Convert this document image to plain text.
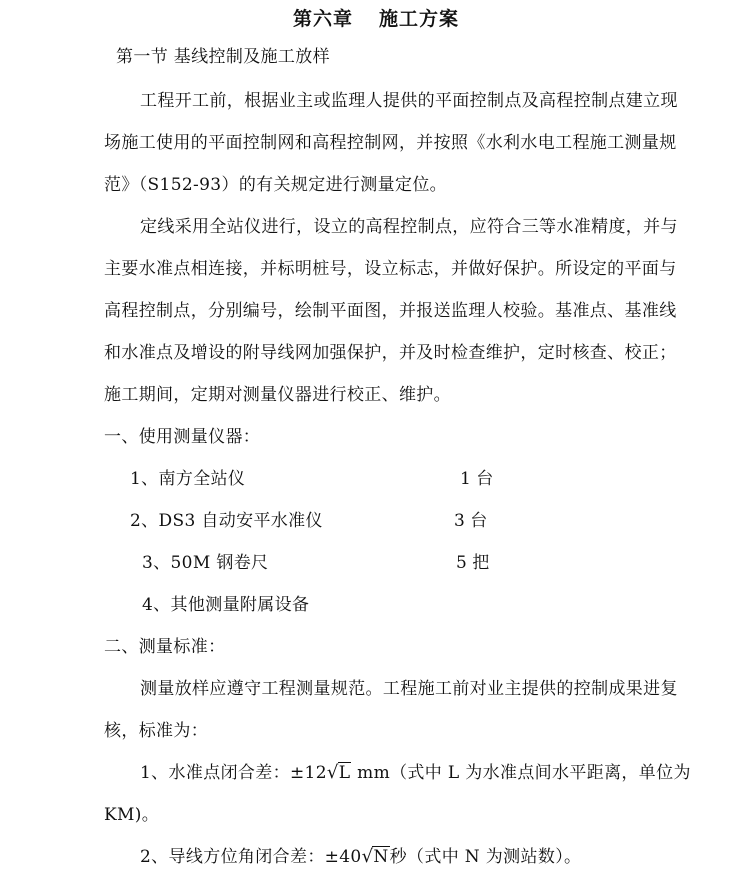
第六章 施工方案
第一节 基线控制及施工放样
工程开工前，根据业主或监理人提供的平面控制点及高程控制点建立现
场施工使用的平面控制网和高程控制网，并按照《水利水电工程施工测量规
范》（S152-93）的有关规定进行测量定位。
定线采用全站仪进行，设立的高程控制点，应符合三等水准精度，并与
主要水准点相连接，并标明桩号，设立标志，并做好保护。所设定的平面与
高程控制点，分别编号，绘制平面图，并报送监理人校验。基准点、基准线
和水准点及增设的附导线网加强保护，并及时检查维护，定时核查、校正；
施工期间，定期对测量仪器进行校正、维护。
一、使用测量仪器：
1、南方全站仪	1 台
2、DS3 自动安平水准仪	3 台
3、50M 钢卷尺	5 把
4、其他测量附属设备
二、测量标准：
测量放样应遵守工程测量规范。工程施工前对业主提供的控制成果进复
核，标准为：
1、水准点闭合差：±12√L mm（式中 L 为水准点间水平距离，单位为
KM)。
2、导线方位角闭合差：±40√N秒（式中 N 为测站数）。
